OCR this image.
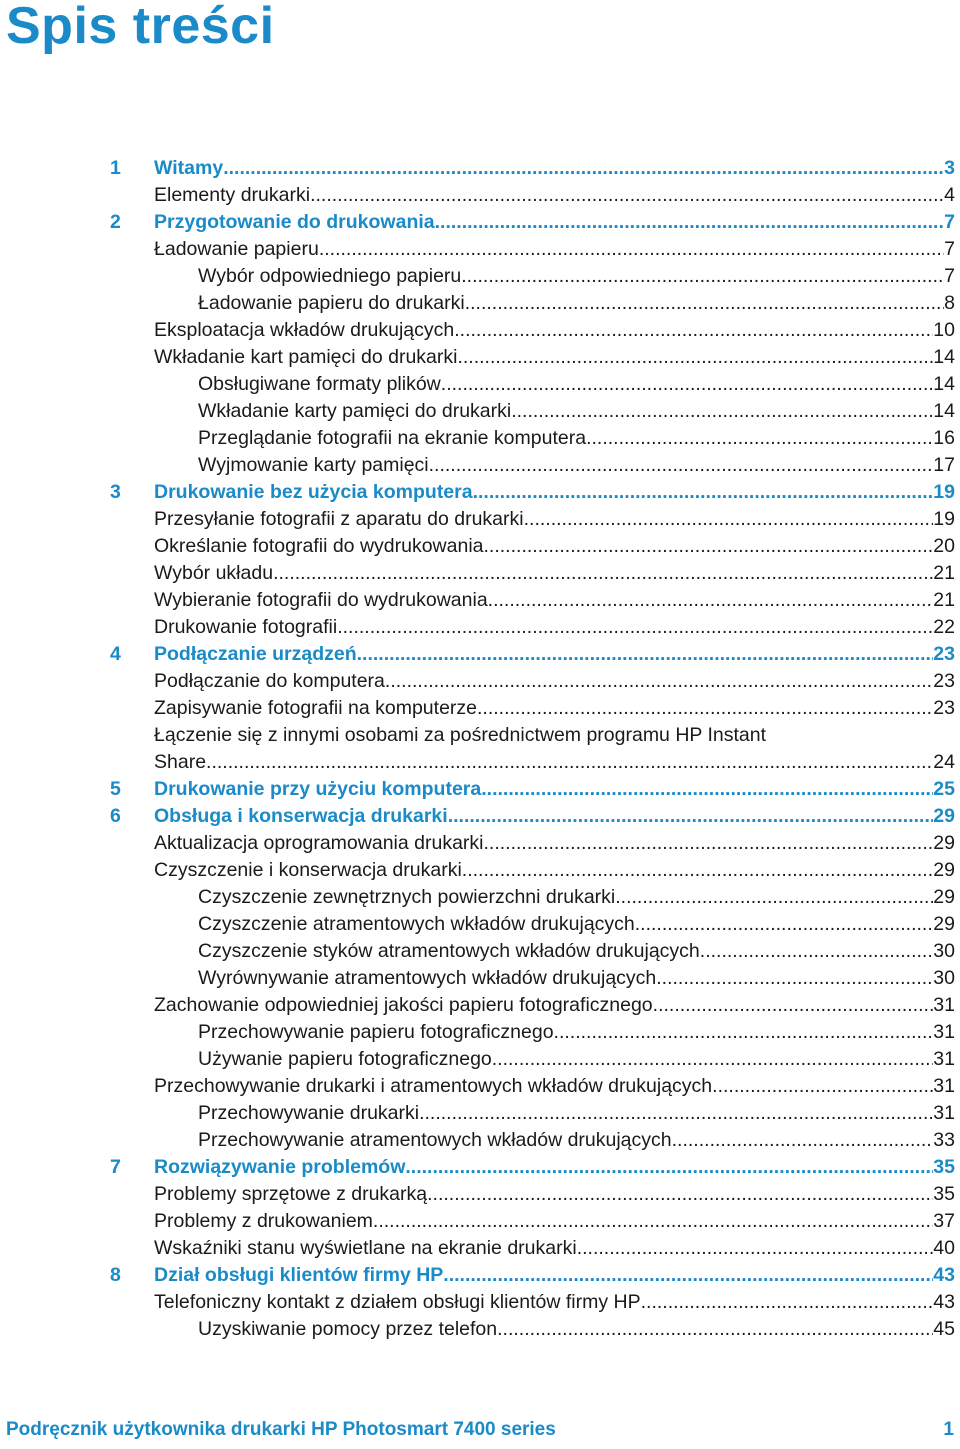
Spis treści
1	Witamy .....	3
Elementy drukarki .....	4
2	Przygotowanie do drukowania .....	7
Ładowanie papieru .....	7
Wybór odpowiedniego papieru .....	7
Ładowanie papieru do drukarki .....	8
Eksploatacja wkładów drukujących .....	10
Wkładanie kart pamięci do drukarki .....	14
Obsługiwane formaty plików .....	14
Wkładanie karty pamięci do drukarki .....	14
Przeglądanie fotografii na ekranie komputera .....	16
Wyjmowanie karty pamięci .....	17
3	Drukowanie bez użycia komputera .....	19
Przesyłanie fotografii z aparatu do drukarki .....	19
Określanie fotografii do wydrukowania .....	20
Wybór układu .....	21
Wybieranie fotografii do wydrukowania .....	21
Drukowanie fotografii .....	22
4	Podłączanie urządzeń .....	23
Podłączanie do komputera .....	23
Zapisywanie fotografii na komputerze .....	23
Łączenie się z innymi osobami za pośrednictwem programu HP Instant
Share .....	24
5	Drukowanie przy użyciu komputera .....	25
6	Obsługa i konserwacja drukarki .....	29
Aktualizacja oprogramowania drukarki .....	29
Czyszczenie i konserwacja drukarki .....	29
Czyszczenie zewnętrznych powierzchni drukarki .....	29
Czyszczenie atramentowych wkładów drukujących .....	29
Czyszczenie styków atramentowych wkładów drukujących .....	30
Wyrównywanie atramentowych wkładów drukujących .....	30
Zachowanie odpowiedniej jakości papieru fotograficznego .....	31
Przechowywanie papieru fotograficznego .....	31
Używanie papieru fotograficznego .....	31
Przechowywanie drukarki i atramentowych wkładów drukujących .....	31
Przechowywanie drukarki .....	31
Przechowywanie atramentowych wkładów drukujących .....	33
7	Rozwiązywanie problemów .....	35
Problemy sprzętowe z drukarką .....	35
Problemy z drukowaniem .....	37
Wskaźniki stanu wyświetlane na ekranie drukarki .....	40
8	Dział obsługi klientów firmy HP .....	43
Telefoniczny kontakt z działem obsługi klientów firmy HP .....	43
Uzyskiwanie pomocy przez telefon .....	45
Podręcznik użytkownika drukarki HP Photosmart 7400 series	1
